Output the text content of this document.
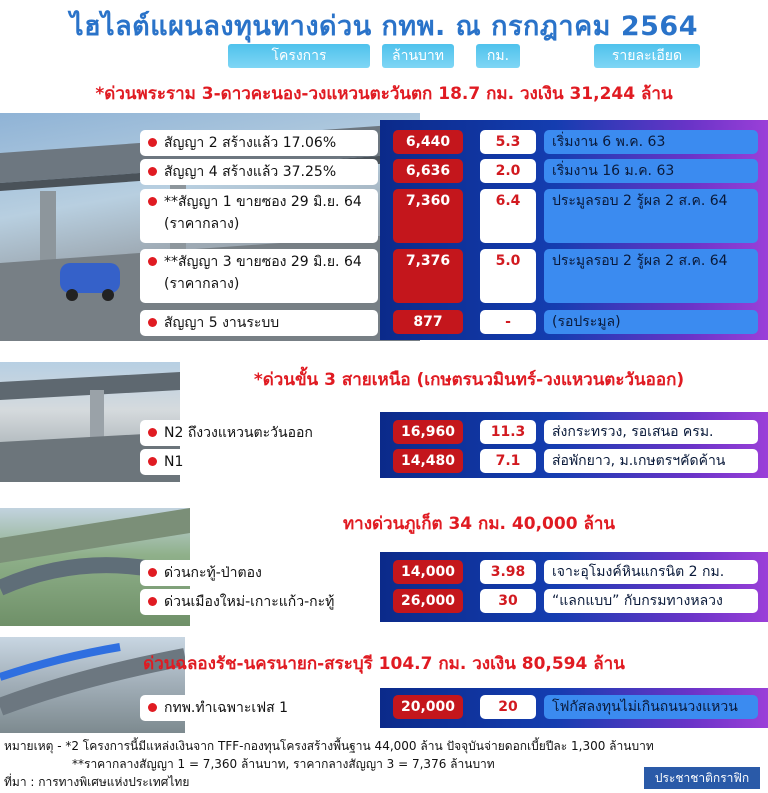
ไฮไลต์แผนลงทุนทางด่วน กทพ. ณ กรกฎาคม 2564
โครงการ	ล้านบาท	กม.	รายละเอียด
*ด่วนพระราม 3-ดาวคะนอง-วงแหวนตะวันตก 18.7 กม. วงเงิน 31,244 ล้าน
สัญญา 2 สร้างแล้ว 17.06%	6,440	5.3	เริ่มงาน 6 พ.ค. 63
สัญญา 4 สร้างแล้ว 37.25%	6,636	2.0	เริ่มงาน 16 ม.ค. 63
**สัญญา 1 ขายซอง 29 มิ.ย. 64
(ราคากลาง)
7,360	6.4	ประมูลรอบ 2 รู้ผล 2 ส.ค. 64
**สัญญา 3 ขายซอง 29 มิ.ย. 64
(ราคากลาง)
7,376	5.0	ประมูลรอบ 2 รู้ผล 2 ส.ค. 64
สัญญา 5 งานระบบ	877	-	(รอประมูล)
*ด่วนขั้น 3 สายเหนือ (เกษตรนวมินทร์-วงแหวนตะวันออก)
N2 ถึงวงแหวนตะวันออก	16,960	11.3	ส่งกระทรวง, รอเสนอ ครม.
N1	14,480	7.1	ส่อพักยาว, ม.เกษตรฯคัดค้าน
ทางด่วนภูเก็ต 34 กม. 40,000 ล้าน
ด่วนกะทู้-ป่าตอง	14,000	3.98	เจาะอุโมงค์หินแกรนิต 2 กม.
ด่วนเมืองใหม่-เกาะแก้ว-กะทู้	26,000	30	“แลกแบบ” กับกรมทางหลวง
ด่วนฉลองรัช-นครนายก-สระบุรี 104.7 กม. วงเงิน 80,594 ล้าน
กทพ.ทำเฉพาะเฟส 1	20,000	20	โฟกัสลงทุนไม่เกินถนนวงแหวน
หมายเหตุ - *2 โครงการนี้มีแหล่งเงินจาก TFF-กองทุนโครงสร้างพื้นฐาน 44,000 ล้าน ปัจจุบันจ่ายดอกเบี้ยปีละ 1,300 ล้านบาท
**ราคากลางสัญญา 1 = 7,360 ล้านบาท, ราคากลางสัญญา 3 = 7,376 ล้านบาท
ที่มา : การทางพิเศษแห่งประเทศไทย	ประชาชาติกราฟิก
